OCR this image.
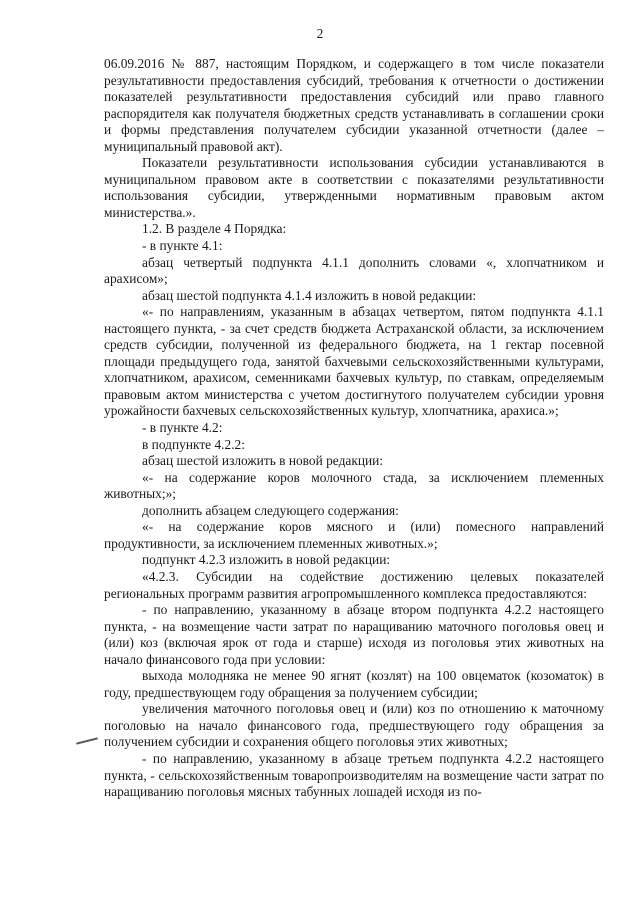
2

06.09.2016 № 887, настоящим Порядком, и содержащего в том числе показатели результативности предоставления субсидий, требования к отчетности о достижении показателей результативности предоставления субсидий или право главного распорядителя как получателя бюджетных средств устанавливать в соглашении сроки и формы представления получателем субсидии указанной отчетности (далее – муниципальный правовой акт).

Показатели результативности использования субсидии устанавливаются в муниципальном правовом акте в соответствии с показателями результативности использования субсидии, утвержденными нормативным правовым актом министерства.».

1.2. В разделе 4 Порядка:

- в пункте 4.1:

абзац четвертый подпункта 4.1.1 дополнить словами «, хлопчатником и арахисом»;

абзац шестой подпункта 4.1.4 изложить в новой редакции:

«- по направлениям, указанным в абзацах четвертом, пятом подпункта 4.1.1 настоящего пункта, - за счет средств бюджета Астраханской области, за исключением средств субсидии, полученной из федерального бюджета, на 1 гектар посевной площади предыдущего года, занятой бахчевыми сельскохозяйственными культурами, хлопчатником, арахисом, семенниками бахчевых культур, по ставкам, определяемым правовым актом министерства с учетом достигнутого получателем субсидии уровня урожайности бахчевых сельскохозяйственных культур, хлопчатника, арахиса.»;

- в пункте 4.2:

в подпункте 4.2.2:

абзац шестой изложить в новой редакции:

«- на содержание коров молочного стада, за исключением племенных животных;»;

дополнить абзацем следующего содержания:

«- на содержание коров мясного и (или) помесного направлений продуктивности, за исключением племенных животных.»;

подпункт 4.2.3 изложить в новой редакции:

«4.2.3. Субсидии на содействие достижению целевых показателей региональных программ развития агропромышленного комплекса предоставляются:

- по направлению, указанному в абзаце втором подпункта 4.2.2 настоящего пункта, - на возмещение части затрат по наращиванию маточного поголовья овец и (или) коз (включая ярок от года и старше) исходя из поголовья этих животных на начало финансового года при условии:

выхода молодняка не менее 90 ягнят (козлят) на 100 овцематок (козоматок) в году, предшествующем году обращения за получением субсидии;

увеличения маточного поголовья овец и (или) коз по отношению к маточному поголовью на начало финансового года, предшествующего году обращения за получением субсидии и сохранения общего поголовья этих животных;

- по направлению, указанному в абзаце третьем подпункта 4.2.2 настоящего пункта, - сельскохозяйственным товаропроизводителям на возмещение части затрат по наращиванию поголовья мясных табунных лошадей исходя из по-
